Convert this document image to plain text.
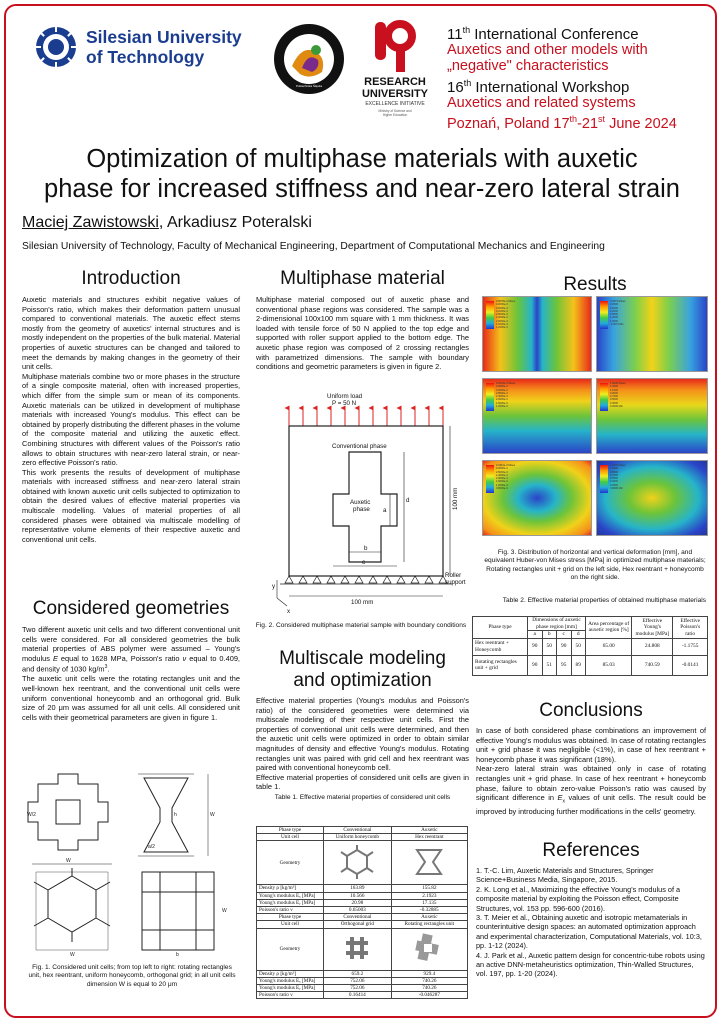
Silesian University
of Technology
Politechnika Śląska	RESEARCH
UNIVERSITY
EXCELLENCE INITIATIVE
Ministry of Science and Higher Education
11th International Conference
Auxetics and other models with
„negative" characteristics
16th International Workshop
Auxetics and related systems
Poznań, Poland 17th-21st June 2024
Optimization of multiphase materials with auxetic
phase for increased stiffness and near-zero lateral strain
Maciej Zawistowski, Arkadiusz Poteralski
Silesian University of Technology, Faculty of Mechanical Engineering, Department of Computational Mechanics and Engineering
Introduction

Auxetic materials and structures exhibit negative values of Poisson's ratio, which makes their deformation pattern unusual compared to conventional materials. The auxetic effect stems mostly from the geometry of auxetics' internal structures and is mostly independent on the properties of the bulk material. Material properties of auxetic structures can be changed and tailored to meet the demands by making changes in the geometry of their unit cells.

Multiphase materials combine two or more phases in the structure of a single composite material, often with increased properties, which differ from the simple sum or mean of its components. Auxetic materials can be utilized in development of multiphase materials with increased Young's modulus. This effect can be obtained by properly distributing the different phases in the volume of the composite material and utilizing the auxetic effect. Combining structures with different values of the Poisson's ratio allows to obtain structures with near-zero lateral strain, or near-zero effective Poisson's ratio.

This work presents the results of development of multiphase materials with increased stiffness and near-zero lateral strain obtained with known auxetic unit cells subjected to optimization to obtain the desired values of effective material properties via multiscale modelling. Values of material properties of all considered phases were obtained via multiscale modelling of representative volume elements of their respective auxetic and conventional unit cells.

Considered geometries

Two different auxetic unit cells and two different conventional unit cells were considered. For all considered geometries the bulk material properties of ABS polymer were assumed – Young's modulus E equal to 1628 MPa, Poisson's ratio ν equal to 0.409, and density of 1030 $kg/m^3$.

The auxetic unit cells were the rotating rectangles unit and the well-known hex reentrant, and the conventional unit cells were uniform conventional honeycomb and an orthogonal grid. Bulk size of 20 μm was assumed for all unit cells. All considered unit cells with their geometrical parameters are given in figure 1.

W
W/2	W
h
a/2
W
W
b
Fig. 1. Considered unit cells; from top left to right: rotating rectangles unit, hex reentrant, uniform honeycomb, orthogonal grid; in all unit cells dimension W is equal to 20 μm
Multiphase material

Multiphase material composed out of auxetic phase and conventional phase regions was considered. The sample was a 2-dimensional 100x100 mm square with 1 mm thickness. It was loaded with tensile force of 50 N applied to the top edge and supported with roller support applied to the bottom edge. The auxetic phase region was composed of 2 crossing rectangles with parametrized dimensions. The sample with boundary conditions and geometric parameters is given in figure 2.

Uniform load
P = 50 N
Conventional phase
Auxetic
phase	100 mm
100 mm
Roller
support
a
b
c
d
y
x
Fig. 2. Considered multiphase material sample with boundary conditions
Multiscale modeling
and optimization

Effective material properties (Young's modulus and Poisson's ratio) of the considered geometries were determined via multiscale modeling of their respective unit cells. First the properties of conventional unit cells were determined, and then the auxetic unit cells were optimized in order to obtain similar magnitudes of density and effective Young's modulus. Rotating rectangles unit was paired with grid cell and hex reentrant was paired with conventional honeycomb cell.

Effective material properties of considered unit cells are given in table 1.

Table 1. Effective material properties of considered unit cells
Phase type	Conventional	Auxetic
Unit cell	Uniform honeycomb	Hex reentrant
Geometry		
Density ρ [kg/m³]	163.89	155.82
Young's modulus Eₓ [MPa]	10.566	2.1923
Young's modulus Eᵧ [MPa]	20.98	17.135
Poisson's ratio ν	0.65003	-0.32885
Phase type	Conventional	Auxetic
Unit cell	Orthogonal grid	Rotating rectangles unit
Geometry		
Density ρ [kg/m³]	659.2	929.4
Young's modulus Eₓ [MPa]	752.06	740.26
Young's modulus Eᵧ [MPa]	752.06	740.26
Poisson's ratio ν	0.16414	-0.046287
Results
3.8578e-3 Mises
4.0000e-3
3.6000e-3
3.2000e-3
2.8000e-3
2.4000e-3
2.0000e-3
1.6000e-3
1.2000e-3
3.3573 Mises
3.0000
2.6000
2.2000
1.8000
1.4000
1.0000
-0.3573 Min
3.0243e-3 Mises
3.6000e-3
3.2000e-3
2.8000e-3
2.4000e-3
2.0000e-3
1.6000e-3
1.2000e-3
1.5048 Mises
1.3000
1.1000
0.9000
0.7000
0.5000
0.3000
0.0000 Min
3.3461e-3 Mises
3.2000e-3
2.8000e-3
2.4000e-3
2.0000e-3
1.6000e-3
1.2000e-3
0.8000e-3
1.1579 Mises
1.0000
0.8500
0.7000
0.5500
0.4000
0.2500
0.0000 Min
Fig. 3. Distribution of horizontal and vertical deformation [mm], and equivalent Huber-von Mises stress [MPa] in optimized multiphase materials; Rotating rectangles unit + grid on the left side, Hex reentrant + honeycomb on the right side.
Table 2. Effective material properties of obtained multiphase materials
Phase type	Dimensions of auxetic phase region [mm]				Area percentage of auxetic region [%]	Effective Young's modulus [MPa]	Effective Poisson's ratio
	a	b	c	d			
Hex reentrant + Honeycomb	90	50	90	50	65.00	24.808	-1.1755
Rotating rectangles unit + grid	90	51	95	89	85.03	740.59	-0.0141
Conclusions

In case of both considered phase combinations an improvement of effective Young's modulus was obtained. In case of rotating rectangles unit + grid phase it was negligible (<1%), in case of hex reentrant + honeycomb phase it was significant (18%).

Near-zero lateral strain was obtained only in case of rotating rectangles unit + grid phase. In case of hex reentrant + honeycomb phase, failure to obtain zero-value Poisson's ratio was caused by significant difference in $E_x$ values of unit cells. The result could be improved by introducing further modifications in the cells' geometry.

References
1. T.-C. Lim, Auxetic Materials and Structures, Springer Science+Business Media, Singapore, 2015.
2. K. Long et al., Maximizing the effective Young's modulus of a composite material by exploiting the Poisson effect, Composite Structures, vol. 153 pp. 596-600 (2016).
3. T. Meier et al., Obtaining auxetic and isotropic metamaterials in counterintuitive design spaces: an automated optimization approach and experimental characterization, Computational Materials, vol. 10:3, pp. 1-12 (2024).
4. J. Park et al., Auxetic pattern design for concentric-tube robots using an active DNN-metaheuristics optimization, Thin-Walled Structures, vol. 197, pp. 1-20 (2024).
